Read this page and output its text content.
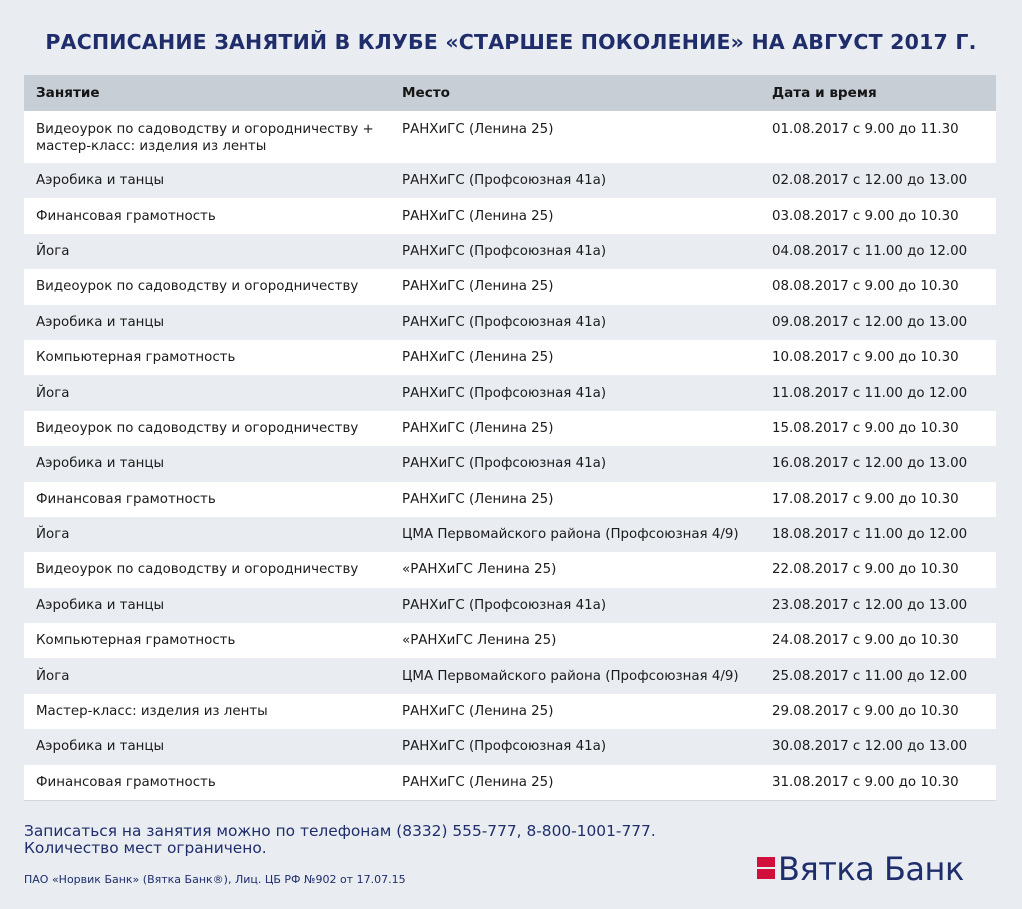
РАСПИСАНИЕ ЗАНЯТИЙ В КЛУБЕ «СТАРШЕЕ ПОКОЛЕНИЕ» НА АВГУСТ 2017 Г.
Занятие	Место	Дата и время
Видеоурок по садоводству и огородничеству + мастер-класс: изделия из ленты	РАНХиГС (Ленина 25)	01.08.2017 с 9.00 до 11.30
Аэробика и танцы	РАНХиГС (Профсоюзная 41а)	02.08.2017 с 12.00 до 13.00
Финансовая грамотность	РАНХиГС (Ленина 25)	03.08.2017 с 9.00 до 10.30
Йога	РАНХиГС (Профсоюзная 41а)	04.08.2017 с 11.00 до 12.00
Видеоурок по садоводству и огородничеству	РАНХиГС (Ленина 25)	08.08.2017 с 9.00 до 10.30
Аэробика и танцы	РАНХиГС (Профсоюзная 41а)	09.08.2017 с 12.00 до 13.00
Компьютерная грамотность	РАНХиГС (Ленина 25)	10.08.2017 с 9.00 до 10.30
Йога	РАНХиГС (Профсоюзная 41а)	11.08.2017 с 11.00 до 12.00
Видеоурок по садоводству и огородничеству	РАНХиГС (Ленина 25)	15.08.2017 с 9.00 до 10.30
Аэробика и танцы	РАНХиГС (Профсоюзная 41а)	16.08.2017 с 12.00 до 13.00
Финансовая грамотность	РАНХиГС (Ленина 25)	17.08.2017 с 9.00 до 10.30
Йога	ЦМА Первомайского района (Профсоюзная 4/9)	18.08.2017 с 11.00 до 12.00
Видеоурок по садоводству и огородничеству	«РАНХиГС Ленина 25)	22.08.2017 с 9.00 до 10.30
Аэробика и танцы	РАНХиГС (Профсоюзная 41а)	23.08.2017 с 12.00 до 13.00
Компьютерная грамотность	«РАНХиГС Ленина 25)	24.08.2017 с 9.00 до 10.30
Йога	ЦМА Первомайского района (Профсоюзная 4/9)	25.08.2017 с 11.00 до 12.00
Мастер-класс: изделия из ленты	РАНХиГС (Ленина 25)	29.08.2017 с 9.00 до 10.30
Аэробика и танцы	РАНХиГС (Профсоюзная 41а)	30.08.2017 с 12.00 до 13.00
Финансовая грамотность	РАНХиГС (Ленина 25)	31.08.2017 с 9.00 до 10.30
Записаться на занятия можно по телефонам (8332) 555-777, 8-800-1001-777.
Количество мест ограничено.
ПАО «Норвик Банк» (Вятка Банк®), Лиц. ЦБ РФ №902 от 17.07.15	Вятка Банк
